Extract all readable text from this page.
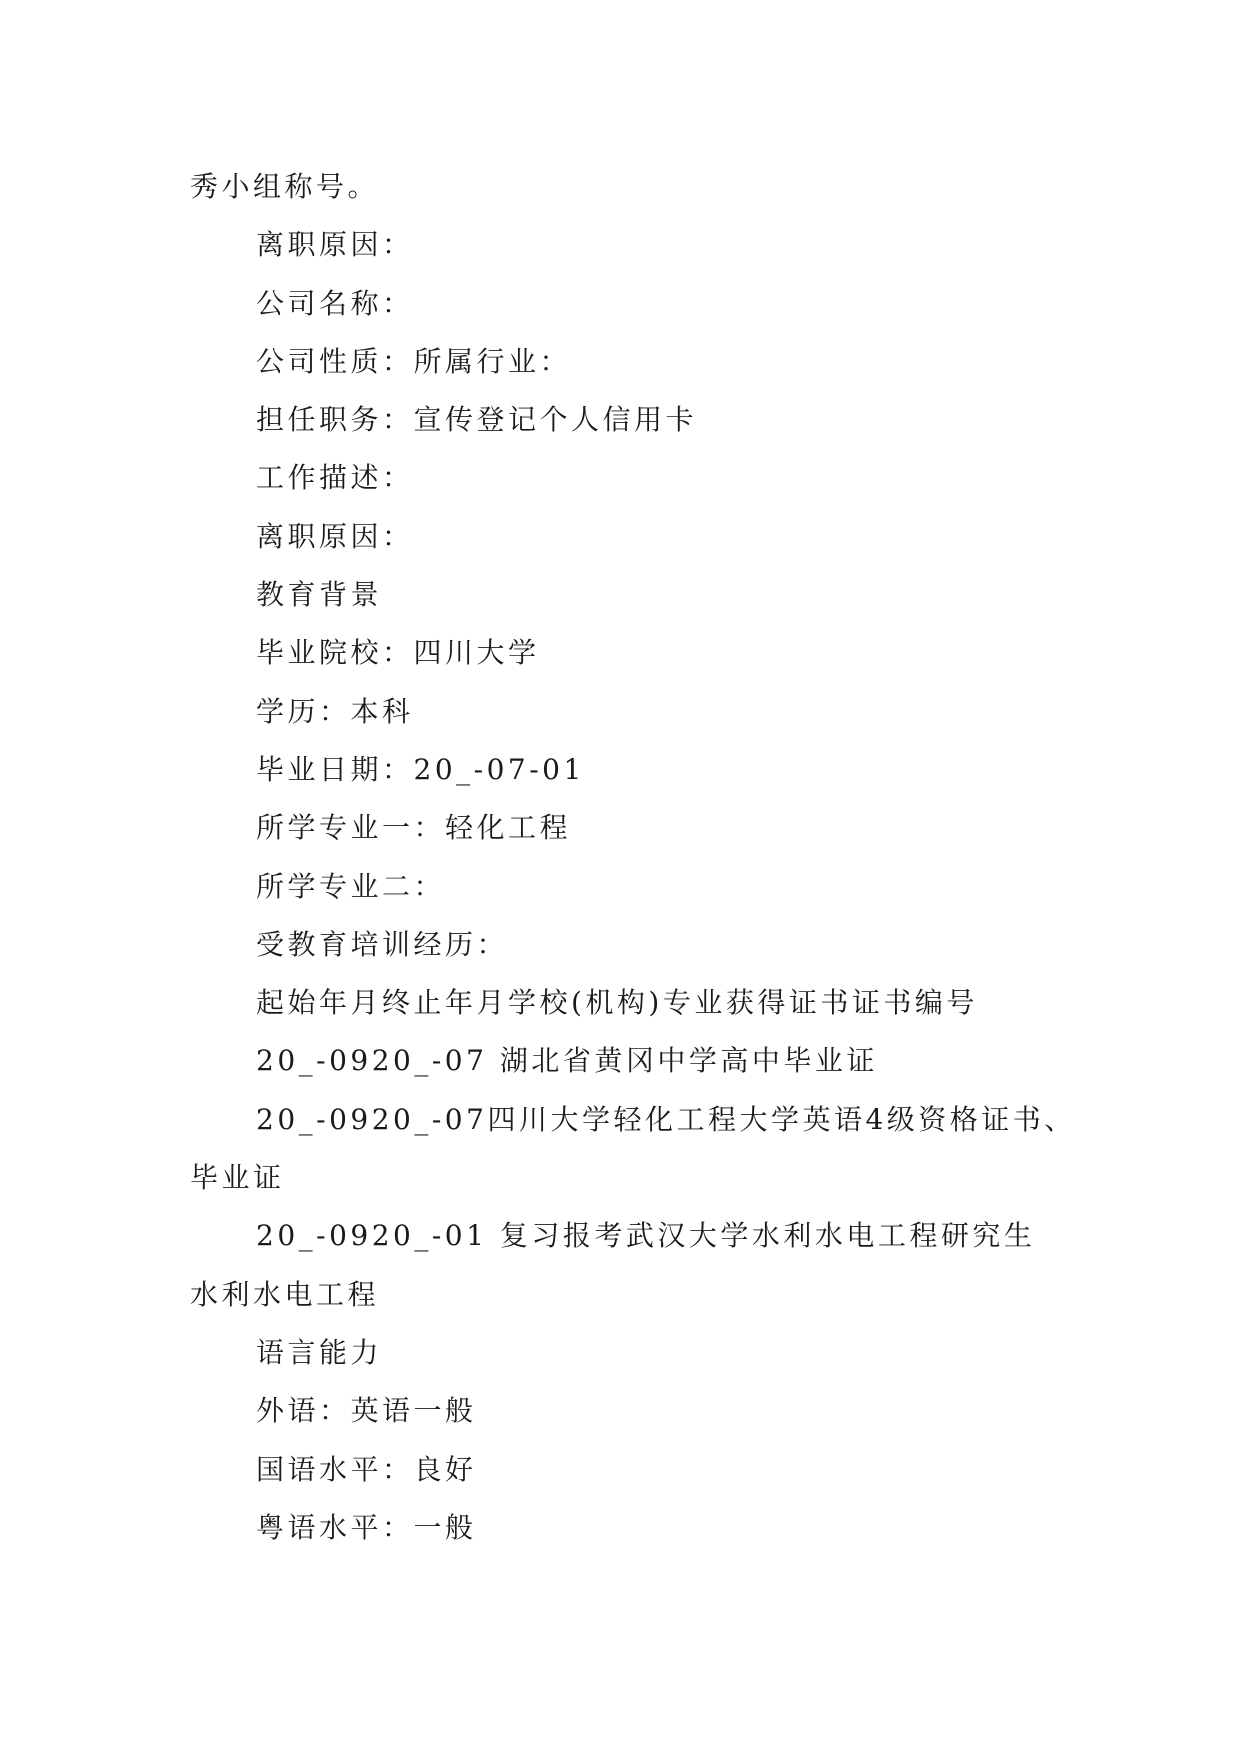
秀小组称号。
离职原因：
公司名称：
公司性质：所属行业：
担任职务：宣传登记个人信用卡
工作描述：
离职原因：
教育背景
毕业院校：四川大学
学历：本科
毕业日期：20_-07-01
所学专业一：轻化工程
所学专业二：
受教育培训经历：
起始年月终止年月学校(机构)专业获得证书证书编号
20_-0920_-07 湖北省黄冈中学高中毕业证
20_-0920_-07四川大学轻化工程大学英语4级资格证书、
毕业证
20_-0920_-01 复习报考武汉大学水利水电工程研究生
水利水电工程
语言能力
外语：英语一般
国语水平：良好
粤语水平：一般
